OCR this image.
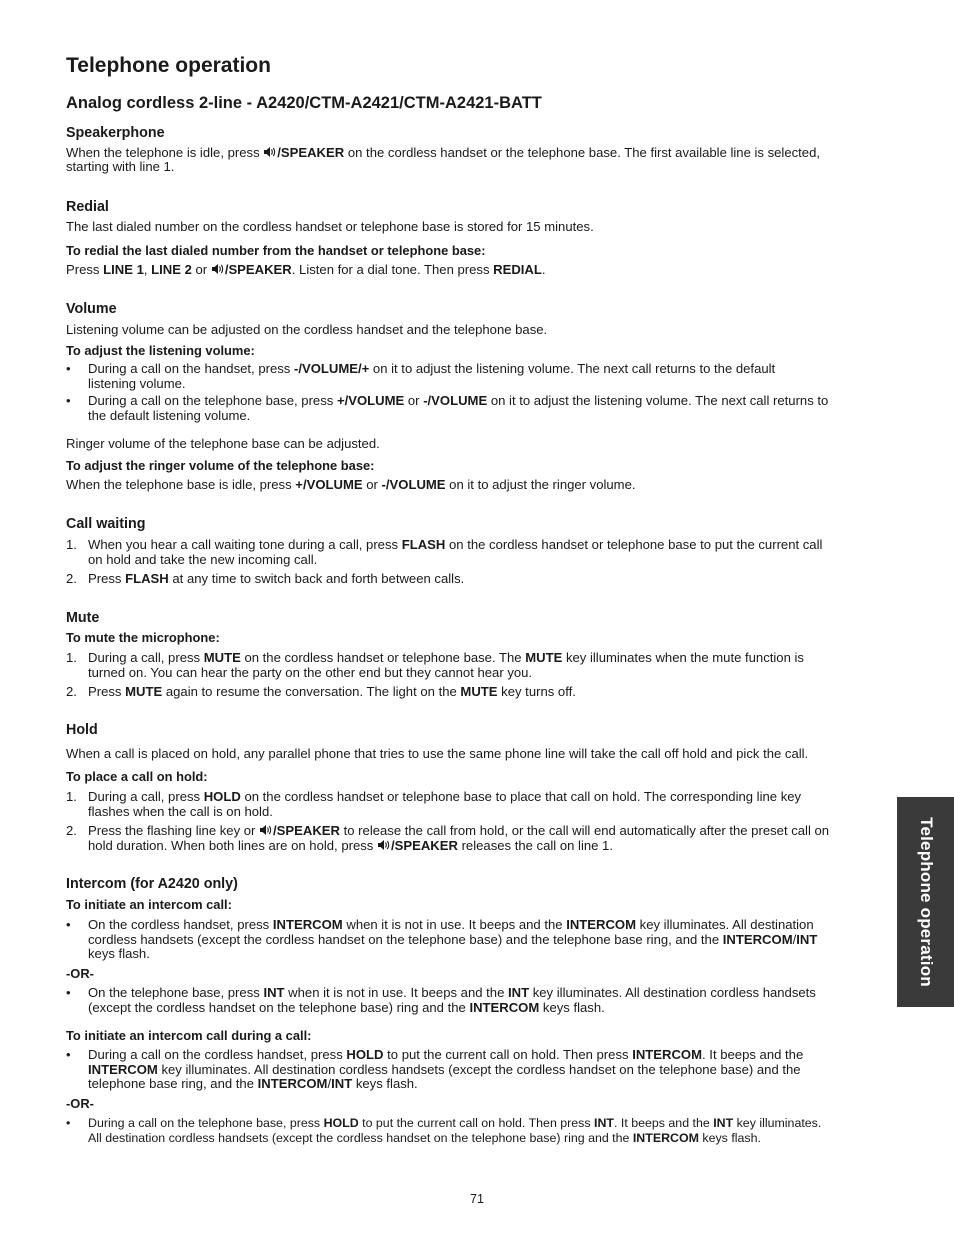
Telephone operation
Analog cordless 2-line - A2420/CTM-A2421/CTM-A2421-BATT
Speakerphone
When the telephone is idle, press /SPEAKER on the cordless handset or the telephone base. The first available line is selected,
starting with line 1.
Redial
The last dialed number on the cordless handset or telephone base is stored for 15 minutes.
To redial the last dialed number from the handset or telephone base:
Press LINE 1, LINE 2 or /SPEAKER. Listen for a dial tone. Then press REDIAL.
Volume
Listening volume can be adjusted on the cordless handset and the telephone base.
To adjust the listening volume:
•	During a call on the handset, press -/VOLUME/+ on it to adjust the listening volume. The next call returns to the default
listening volume.
•	During a call on the telephone base, press +/VOLUME or -/VOLUME on it to adjust the listening volume. The next call returns to
the default listening volume.
Ringer volume of the telephone base can be adjusted.
To adjust the ringer volume of the telephone base:
When the telephone base is idle, press +/VOLUME or -/VOLUME on it to adjust the ringer volume.
Call waiting
1. When you hear a call waiting tone during a call, press FLASH on the cordless handset or telephone base to put the current call
on hold and take the new incoming call.
2. Press FLASH at any time to switch back and forth between calls.
Mute
To mute the microphone:
1. During a call, press MUTE on the cordless handset or telephone base. The MUTE key illuminates when the mute function is
turned on. You can hear the party on the other end but they cannot hear you.
2. Press MUTE again to resume the conversation. The light on the MUTE key turns off.
Hold
When a call is placed on hold, any parallel phone that tries to use the same phone line will take the call off hold and pick the call.
To place a call on hold:
1. During a call, press HOLD on the cordless handset or telephone base to place that call on hold. The corresponding line key
flashes when the call is on hold.
2. Press the flashing line key or /SPEAKER to release the call from hold, or the call will end automatically after the preset call on
hold duration. When both lines are on hold, press /SPEAKER releases the call on line 1.
Intercom (for A2420 only)
To initiate an intercom call:
•	On the cordless handset, press INTERCOM when it is not in use. It beeps and the INTERCOM key illuminates. All destination
cordless handsets (except the cordless handset on the telephone base) and the telephone base ring, and the INTERCOM/INT
keys flash.
-OR-
•	On the telephone base, press INT when it is not in use. It beeps and the INT key illuminates. All destination cordless handsets
(except the cordless handset on the telephone base) ring and the INTERCOM keys flash.
To initiate an intercom call during a call:
•	During a call on the cordless handset, press HOLD to put the current call on hold. Then press INTERCOM. It beeps and the
INTERCOM key illuminates. All destination cordless handsets (except the cordless handset on the telephone base) and the
telephone base ring, and the INTERCOM/INT keys flash.
-OR-
•	During a call on the telephone base, press HOLD to put the current call on hold. Then press INT. It beeps and the INT key illuminates.
All destination cordless handsets (except the cordless handset on the telephone base) ring and the INTERCOM keys flash.
Telephone operation
71
